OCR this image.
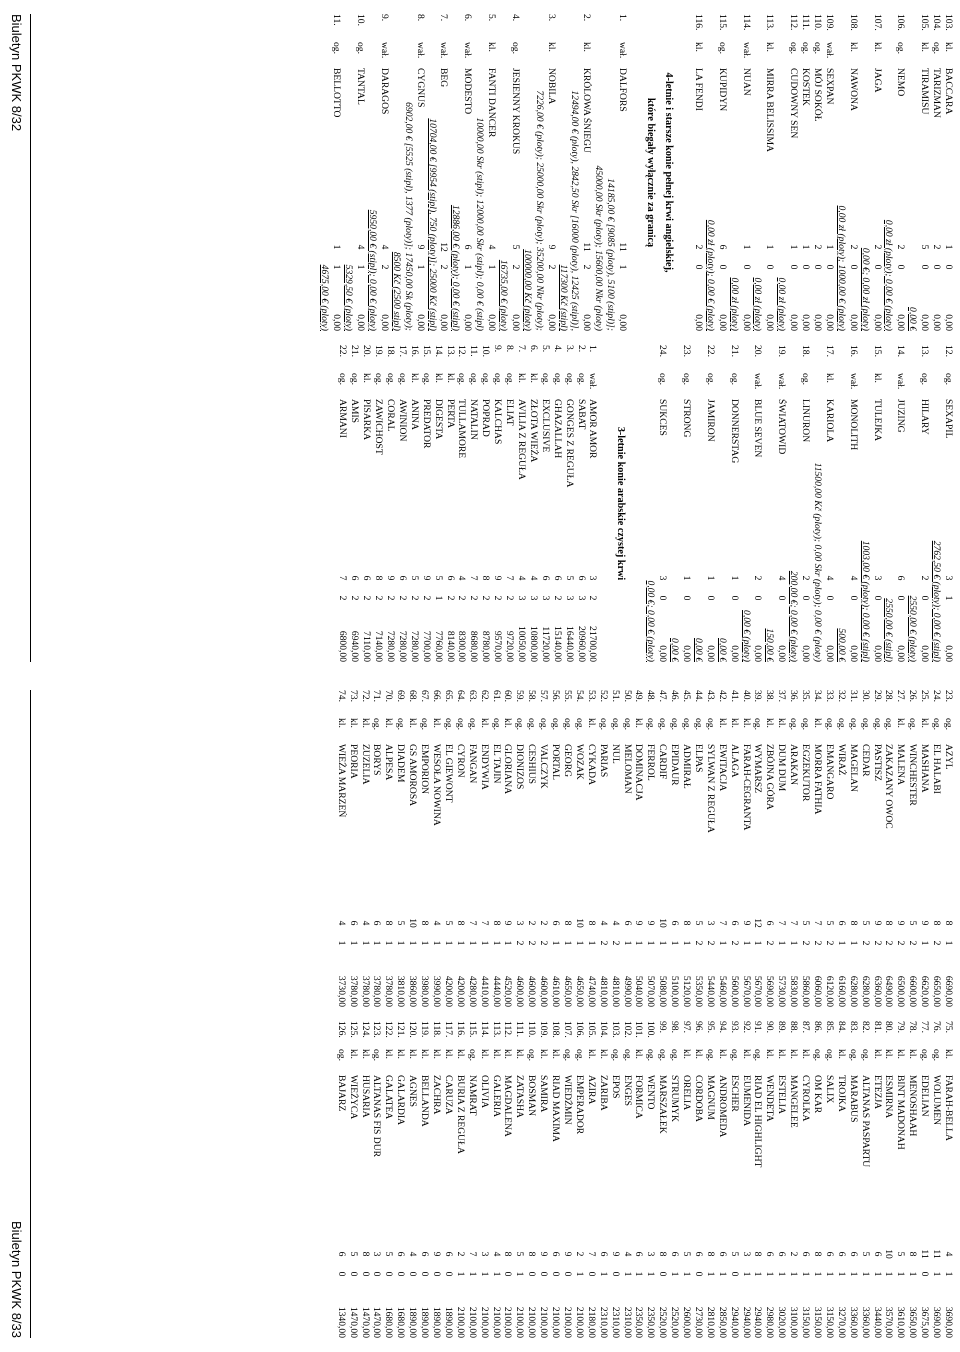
103.kl.BACCARA
1
0
0,00
104.og.TARIZMAN
2
0
0,00
105.kl.TIRAMISU
5
0
0,00
0,00 €
106.og.NEMO
2
0
0,00
0,00 zł (ploty); 0,00 € (ploty)
107.kl.JAGA
2
0
0,00
0,00 €; 0,00 zł (ploty)
108.kl.NAWONA
2
0
0,00
0,00 zł (ploty); 1000,00 € (ploty)
109.wał.SEXPAN
1
0
0,00
110.og.MÓJ SOKÓŁ
2
0
0,00
111.og.KOSTEK
1
0
0,00
112.og.CUDOWNY SEN
1
0
0,00
0,00 zł (ploty)
113.kl.MIRRA BELISSIMA
1
0
0,00
0,00 zł (ploty)
114.wał.NUAN
1
0
0,00
0,00 zł (ploty)
115.og.KUPIDYN
6
0
0,00
0,00 zł (ploty); 0,00 € (ploty)
116.kl.LA FENDI
2
0
0,00
4-letnie i starsze konie pełnej krwi angielskiej,
które biegały wyłącznie za granicą
1.wał.DALFORS
11
1
0,00
14185,00 € [9085 (ploty), 5100 (stipl)];
45000,00 Skr (ploty); 15600,00 Nkr (ploty)
2.kl.KRÓLOWA ŚNIEGU
11
2
0,00
12494,00 € (ploty), 2842,50 Skr [16000 (ploty), 12425 (stipl)],
117300 Kč (stipl)
3.kl.NOBILA
9
2
0,00
7226,00 € (ploty); 25000,00 Skr (ploty); 35200,00 Nkr (ploty);
100000,00 Kč (ploty)
4.og.JESIENNY KROKUS
5
2
0,00
16735,00 € (ploty)
5.kl.FANTI DANCER
4
1
0,00
10000,00 Skr (stipl); 12000,00 Skr (stipl); 0,00 € (stipl)
6.wał.MODESTO
6
1
0,00
12886,00 € (ploty); 0,00 € (stipl)
7.wał.BEG
12
2
0,00
10704,00 € [9954 (stipl), 750 (ploty)]; 25000 Kč (stipl)
8.wał.CYGNUS
9
1
0,00
6902,00 € [5525 (stipl), 1377 (ploty)]; 17450,00 Sk (ploty);
8500 Kč (2500 stipl)
9.wał.DARAGOS
4
2
0,00
5950,00 € (stipl); 0,00 € (ploty)
10.og.TANTAL
4
1
0,00
5329,50 € (ploty)
11.og.BELLOTTO
1
1
0,00
4675,00 € (ploty)
12.og.SEXAPIL
3
1
0,00
2762,50 € (ploty); 0,00 € (stipl)
13.og.HILARY
2
0
0,00
2550,00 € (ploty)
14.wał.JUZING
6
0
0,00
2550,00 € (stipl)
15.kl.TULEJKA
3
0
0,00
1003,00 € (ploty); 0,00 € (stipl)
16.wał.MONOLITH
4
0
0,00
500,00 €
17.kl.KARIOLA
4
0
0,00
11500,00 Kč (ploty); 0,00 Skr (ploty); 0,00 € (ploty)
18.og.LINURON
2
0
0,00
200,00 €; 0,00 € (ploty)
19.wał.ŚWIATOWID
4
0
0,00
150,00 €
20.wał.BLUE SEVEN
2
0
0,00
0,00 € (ploty)
21.og.DONNERSTAG
1
0
0,00
0,00 €
22.og.JAMIRON
1
0
0,00
0,00 €
23.og.STRONG
1
0
0,00
0,00 €
24.og.SUKCES
3
0
0,00
0,00 €; 0,00 € (ploty)
3-letnie konie arabskie czystej krwi
1.wał.AMOR AMOR
3
2
21700,00
2.og.SABAT
6
3
20960,00
3.og.GONGES Z REGUŁA
5
3
16440,00
4.og.GHAZALLAH
6
2
15140,00
5.og.EXCLUSIVE
6
3
11720,00
6.kl.ZŁOTA WIEŻA
4
3
10800,00
7.kl.AVILIA Z REGUŁA
4
3
10050,00
8.og.ELIAT
7
2
9720,00
9.og.KALCHAS
9
2
9570,00
10.og.POPRAD
8
2
8780,00
11.og.NATALIN
7
2
8680,00
12.og.TULLAMORE
4
2
8300,00
13.kl.PERTA
6
2
8140,00
14.kl.DIGESTA
5
1
7760,00
15.og.PREDATOR
9
2
7700,00
16.kl.ANINA
5
2
7280,00
17.og.AWINION
6
2
7280,00
18.og.CORAL
9
2
7280,00
19.og.ZAWICHOST
8
2
7140,00
20.kl.PISARKA
6
2
7110,00
21.og.AMIS
6
2
6940,00
22.og.ARMANI
7
2
6800,00
Biuletyn PKWK 8/32
23.og.AZYL
8
1
6690,00
24.og.EL HALABI
8
2
6650,00
25.kl.MASHANA
9
1
6620,00
26.og.WINCHESTER
5
2
6600,00
27.kl.MALENA
9
2
6500,00
28.og.ZAKAZANY OWOC
8
2
6490,00
29.og.PASTISZ
9
2
6360,00
30.og.CEDAR
5
2
6280,00
31.og.MAGELAN
8
1
6280,00
32.og.WIRAŻ
6
1
6160,00
33.og.EMANGARO
5
2
6120,00
34.kl.MORRA FATHIA
7
2
6060,00
35.og.EGZEKUTOR
5
2
5860,00
36.og.ARAKAN
7
1
5830,00
37.kl.DUM DUM
7
1
5730,00
38.kl.ZBÓJNA GÓRA
6
2
5690,00
39.og.WYMARSZ
12
1
5670,00
40.kl.FARAH-CEGRANTA
9
1
5670,00
41.kl.ALAGA
6
2
5600,00
42.kl.EWITACJA
7
1
5460,00
43.og.SYLWAN Z REGUŁA
3
2
5440,00
44.og.ELPAS
5
2
5350,00
45.og.ADMIRAŁ
8
1
5120,00
46.og.EPIDAUR
6
1
5100,00
47.og.CARDIF
10
1
5080,00
48.og.FERROL
9
1
5070,00
49.kl.DOMINACJA
9
1
5040,00
50.og.MELOMAN
6
1
4990,00
51.og.NUL
4
2
4810,00
52.og.PARIAS
4
2
4810,00
53.kl.CYKADA
8
1
4740,00
54.og.WOZAK
10
1
4650,00
55.og.GEORG
8
1
4650,00
56.og.PORTAL
6
1
4610,00
57.og.VALCZYK
2
2
4600,00
58.og.CESHIUS
2
2
4600,00
59.og.DIONIZOS
3
2
4600,00
60.kl.GLORIANA
9
1
4520,00
61.og.EL TAJIN
8
1
4440,00
62.kl.ENDYWIA
7
1
4410,00
63.og.FANGAN
7
1
4280,00
64.og.CYRON
8
1
4200,00
65.og.EL GIEWONT
5
1
4200,00
66.kl.WESOŁA NOWINA
4
1
3990,00
67.og.EMPORION
8
1
3980,00
68.kl.GS AMOROSA
10
1
3860,00
69.og.DIADEM
5
1
3810,00
70.kl.ALPESA
8
1
3780,00
71.og.BORYS
6
1
3780,00
72.kl.ZUZELIA
4
1
3780,00
73.kl.PEORIA
6
1
3780,00
74.kl.WIEŻA MARZEŃ
4
1
3730,00
75.kl.FARAH-BELLA
4
1
3690,00
76.og.WOLUMEN
11
1
3690,00
77.og.EDELIAN
11
0
3675,00
78.kl.MENOSHAAH
8
1
3650,00
79.kl.BINT MADONAH
5
1
3610,00
80.kl.ESMIRNA
10
1
3570,00
81.kl.ETEZJA
6
1
3440,00
82.og.ALTANAS PASPARTU
5
1
3360,00
83.og.MARABUS
6
1
3360,00
84.kl.TROJKA
6
1
3270,00
85.og.SALIX
6
1
3150,00
86.og.OM KAR
8
1
3150,00
87.kl.CYROLKA
6
1
3150,00
88.kl.MANGELEE
2
1
3100,00
89.kl.ESTELIA
6
1
3020,00
90.kl.WENDETA
6
1
2980,00
91.og.RIAD EL HIGHLIGHT
8
1
2940,00
92.kl.EUMENIDA
3
1
2940,00
93.og.ESCHER
5
0
2940,00
94.kl.ANDROMEDA
6
1
2850,00
95.og.MAGNUM
8
1
2810,00
96.kl.CORDOBA
6
0
2730,00
97.kl.ORELIA
5
1
2600,00
98.og.STRUMYK
6
1
2520,00
99.og.MARSZAŁEK
8
0
2520,00
100.og.WENTO
3
1
2350,00
101.kl.FORMICA
6
1
2350,00
102.og.ENGES
4
1
2310,00
103.og.EPOS
9
0
2310,00
104.kl.ZARIBA
6
1
2310,00
105.kl.AZIRA
7
0
2180,00
106.og.EMPERADOR
2
1
2100,00
107.og.WIEDŹMIN
9
0
2100,00
108.kl.RIAD MAXIMA
6
0
2100,00
109.kl.SAMIRA
9
0
2100,00
110.og.BOSMAN
8
0
2100,00
111.kl.ZATASHA
5
1
2100,00
112.kl.MAGDALENA
8
0
2100,00
113.kl.GALERIA
4
1
2100,00
114.kl.OLIVIA
3
1
2100,00
115.og.NAMRAT
7
1
2100,00
116.kl.BURIA Z REGUŁA
2
1
2100,00
117.kl.CARUZA
6
0
1890,00
118.kl.ZACHRA
9
0
1890,00
119.kl.BELLANDA
6
0
1890,00
120.kl.AGNES
4
0
1890,00
121.kl.GALARDIA
6
0
1680,00
122.kl.GALATEA
5
0
1680,00
123.og.ALTANAS FIS DUR
3
0
1470,00
124.kl.HUSARIA
8
0
1470,00
125.kl.WIEŻYCA
5
0
1470,00
126.og.BAJARZ
6
0
1340,00
Biuletyn PKWK 8/33
